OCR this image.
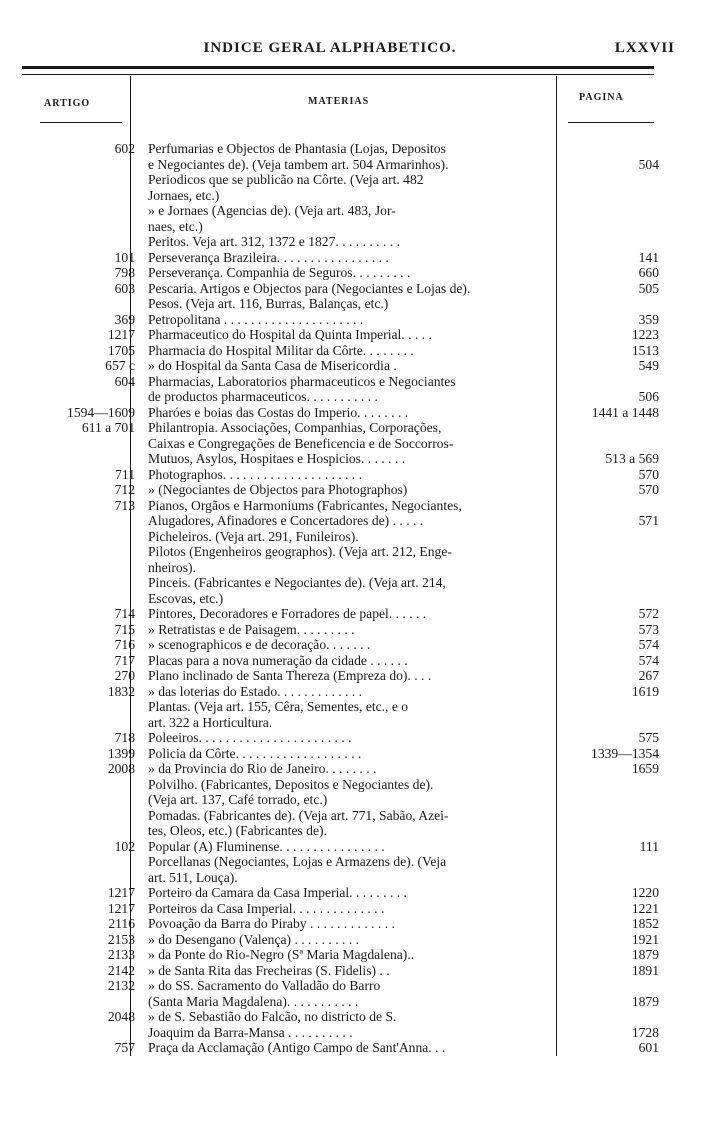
INDICE GERAL ALPHABETICO.	LXXVII
ARTIGO	MATERIAS	PAGINA
602 Perfumarias e Objectos de Phantasia (Lojas, Depositos
e Negociantes de). (Veja tambem art. 504 Armarinhos).	504
Periodicos que se publicão na Côrte. (Veja art. 482
Jornaes, etc.)
» e Jornaes (Agencias de). (Veja art. 483, Jor-
naes, etc.)
Peritos. Veja art. 312, 1372 e 1827. . . . . . . . . .
101 Perseverança Brazileira. . . . . . . . . . . . . . . . .	141
798 Perseverança. Companhia de Seguros. . . . . . . . .	660
603 Pescaria. Artigos e Objectos para (Negociantes e Lojas de).	505
Pesos. (Veja art. 116, Burras, Balanças, etc.)
369 Petropolitana . . . . . . . . . . . . . . . . . . . . .	359
1217 Pharmaceutico do Hospital da Quinta Imperial. . . . .	1223
1705 Pharmacia do Hospital Militar da Côrte. . . . . . . .	1513
657 c » do Hospital da Santa Casa de Misericordia .	549
604 Pharmacias, Laboratorios pharmaceuticos e Negociantes
de productos pharmaceuticos. . . . . . . . . . .	506
1594—1609 Pharóes e boias das Costas do Imperio. . . . . . . .	1441 a 1448
611 a 701 Philantropia. Associações, Companhias, Corporações,
Caixas e Congregações de Beneficencia e de Soccorros-
Mutuos, Asylos, Hospitaes e Hospicios. . . . . . .	513 a 569
711 Photographos. . . . . . . . . . . . . . . . . . . . .	570
712 » (Negociantes de Objectos para Photographos)	570
713 Pianos, Orgãos e Harmoniums (Fabricantes, Negociantes,
Alugadores, Afinadores e Concertadores de) . . . . .	571
Picheleiros. (Veja art. 291, Funileiros).
Pilotos (Engenheiros geographos). (Veja art. 212, Enge-
nheiros).
Pinceis. (Fabricantes e Negociantes de). (Veja art. 214,
Escovas, etc.)
714 Pintores, Decoradores e Forradores de papel. . . . . .	572
715 » Retratistas e de Paisagem. . . . . . . . .	573
716 » scenographicos e de decoração. . . . . . .	574
717 Placas para a nova numeração da cidade . . . . . .	574
270 Plano inclinado de Santa Thereza (Empreza do). . . .	267
1832 » das loterias do Estado. . . . . . . . . . . . .	1619
Plantas. (Veja art. 155, Cêra, Sementes, etc., e o
art. 322 a Horticultura.
718 Poleeiros. . . . . . . . . . . . . . . . . . . . . . .	575
1399 Policia da Côrte. . . . . . . . . . . . . . . . . . .	1339—1354
2008 » da Provincia do Rio de Janeiro. . . . . . . .	1659
Polvilho. (Fabricantes, Depositos e Negociantes de).
(Veja art. 137, Café torrado, etc.)
Pomadas. (Fabricantes de). (Veja art. 771, Sabão, Azei-
tes, Oleos, etc.) (Fabricantes de).
102 Popular (A) Fluminense. . . . . . . . . . . . . . . .	111
Porcellanas (Negociantes, Lojas e Armazens de). (Veja
art. 511, Louça).
1217 Porteiro da Camara da Casa Imperial. . . . . . . . .	1220
1217 Porteiros da Casa Imperial. . . . . . . . . . . . . .	1221
2116 Povoação da Barra do Piraby . . . . . . . . . . . . .	1852
2153 » do Desengano (Valença) . . . . . . . . . .	1921
2133 » da Ponte do Rio-Negro (Sª Maria Magdalena)..	1879
2142 » de Santa Rita das Frecheiras (S. Fidelis) . .	1891
2132 » do SS. Sacramento do Valladão do Barro
(Santa Maria Magdalena). . . . . . . . . . .	1879
2048 » de S. Sebastião do Falcão, no districto de S.
Joaquim da Barra-Mansa . . . . . . . . . .	1728
757 Praça da Acclamação (Antigo Campo de Sant'Anna. . .	601
